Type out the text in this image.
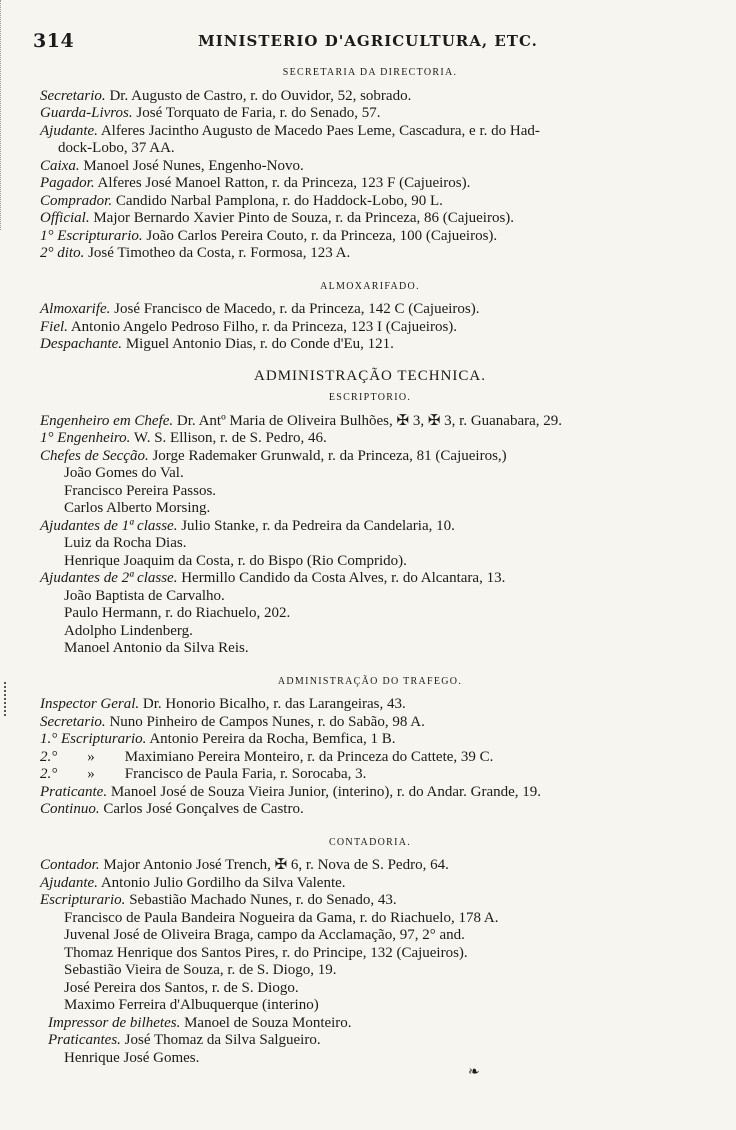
314	MINISTERIO D'AGRICULTURA, ETC.
SECRETARIA DA DIRECTORIA.
Secretario. Dr. Augusto de Castro, r. do Ouvidor, 52, sobrado.
Guarda-Livros. José Torquato de Faria, r. do Senado, 57.
Ajudante. Alferes Jacintho Augusto de Macedo Paes Leme, Cascadura, e r. do Had-
dock-Lobo, 37 AA.
Caixa. Manoel José Nunes, Engenho-Novo.
Pagador. Alferes José Manoel Ratton, r. da Princeza, 123 F (Cajueiros).
Comprador. Candido Narbal Pamplona, r. do Haddock-Lobo, 90 L.
Official. Major Bernardo Xavier Pinto de Souza, r. da Princeza, 86 (Cajueiros).
1° Escripturario. João Carlos Pereira Couto, r. da Princeza, 100 (Cajueiros).
2° dito. José Timotheo da Costa, r. Formosa, 123 A.
ALMOXARIFADO.
Almoxarife. José Francisco de Macedo, r. da Princeza, 142 C (Cajueiros).
Fiel. Antonio Angelo Pedroso Filho, r. da Princeza, 123 I (Cajueiros).
Despachante. Miguel Antonio Dias, r. do Conde d'Eu, 121.
ADMINISTRAÇÃO TECHNICA.
ESCRIPTORIO.
Engenheiro em Chefe. Dr. Antº Maria de Oliveira Bulhões, ✠ 3, ✠ 3, r. Guanabara, 29.
1° Engenheiro. W. S. Ellison, r. de S. Pedro, 46.
Chefes de Secção. Jorge Rademaker Grunwald, r. da Princeza, 81 (Cajueiros,)
João Gomes do Val.
Francisco Pereira Passos.
Carlos Alberto Morsing.
Ajudantes de 1ª classe. Julio Stanke, r. da Pedreira da Candelaria, 10.
Luiz da Rocha Dias.
Henrique Joaquim da Costa, r. do Bispo (Rio Comprido).
Ajudantes de 2ª classe. Hermillo Candido da Costa Alves, r. do Alcantara, 13.
João Baptista de Carvalho.
Paulo Hermann, r. do Riachuelo, 202.
Adolpho Lindenberg.
Manoel Antonio da Silva Reis.
ADMINISTRAÇÃO DO TRAFEGO.
Inspector Geral. Dr. Honorio Bicalho, r. das Larangeiras, 43.
Secretario. Nuno Pinheiro de Campos Nunes, r. do Sabão, 98 A.
1.° Escripturario. Antonio Pereira da Rocha, Bemfica, 1 B.
2.°        »        Maximiano Pereira Monteiro, r. da Princeza do Cattete, 39 C.
2.°        »        Francisco de Paula Faria, r. Sorocaba, 3.
Praticante. Manoel José de Souza Vieira Junior, (interino), r. do Andar. Grande, 19.
Continuo. Carlos José Gonçalves de Castro.
CONTADORIA.
Contador. Major Antonio José Trench, ✠ 6, r. Nova de S. Pedro, 64.
Ajudante. Antonio Julio Gordilho da Silva Valente.
Escripturario. Sebastião Machado Nunes, r. do Senado, 43.
Francisco de Paula Bandeira Nogueira da Gama, r. do Riachuelo, 178 A.
Juvenal José de Oliveira Braga, campo da Acclamação, 97, 2° and.
Thomaz Henrique dos Santos Pires, r. do Principe, 132 (Cajueiros).
Sebastião Vieira de Souza, r. de S. Diogo, 19.
José Pereira dos Santos, r. de S. Diogo.
Maximo Ferreira d'Albuquerque (interino)
Impressor de bilhetes. Manoel de Souza Monteiro.
Praticantes. José Thomaz da Silva Salgueiro.
Henrique José Gomes.
❧
